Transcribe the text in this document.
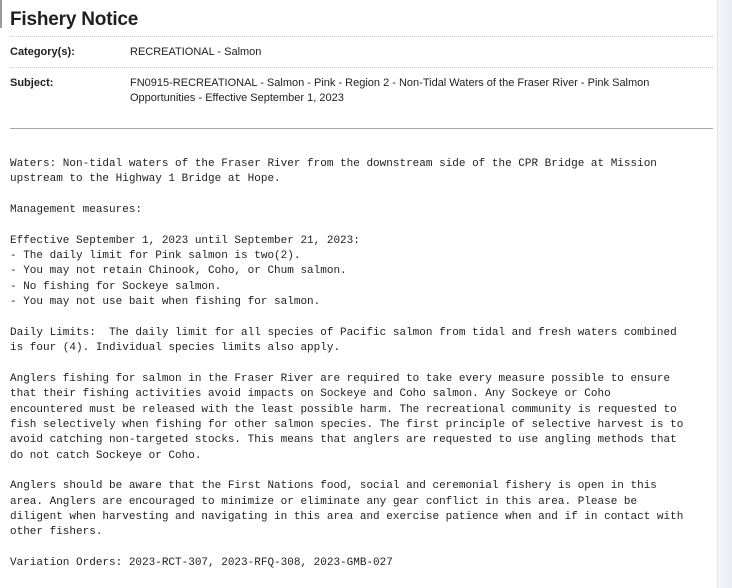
Fishery Notice
Category(s):	RECREATIONAL - Salmon
Subject:	FN0915-RECREATIONAL - Salmon - Pink - Region 2 - Non-Tidal Waters of the Fraser River - Pink Salmon
Opportunities - Effective September 1, 2023
Waters: Non-tidal waters of the Fraser River from the downstream side of the CPR Bridge at Mission
upstream to the Highway 1 Bridge at Hope.
Management measures:
Effective September 1, 2023 until September 21, 2023:
- The daily limit for Pink salmon is two(2).
- You may not retain Chinook, Coho, or Chum salmon.
- No fishing for Sockeye salmon.
- You may not use bait when fishing for salmon.
Daily Limits:  The daily limit for all species of Pacific salmon from tidal and fresh waters combined
is four (4). Individual species limits also apply.
Anglers fishing for salmon in the Fraser River are required to take every measure possible to ensure
that their fishing activities avoid impacts on Sockeye and Coho salmon. Any Sockeye or Coho
encountered must be released with the least possible harm. The recreational community is requested to
fish selectively when fishing for other salmon species. The first principle of selective harvest is to
avoid catching non-targeted stocks. This means that anglers are requested to use angling methods that
do not catch Sockeye or Coho.
Anglers should be aware that the First Nations food, social and ceremonial fishery is open in this
area. Anglers are encouraged to minimize or eliminate any gear conflict in this area. Please be
diligent when harvesting and navigating in this area and exercise patience when and if in contact with
other fishers.
Variation Orders: 2023-RCT-307, 2023-RFQ-308, 2023-GMB-027
